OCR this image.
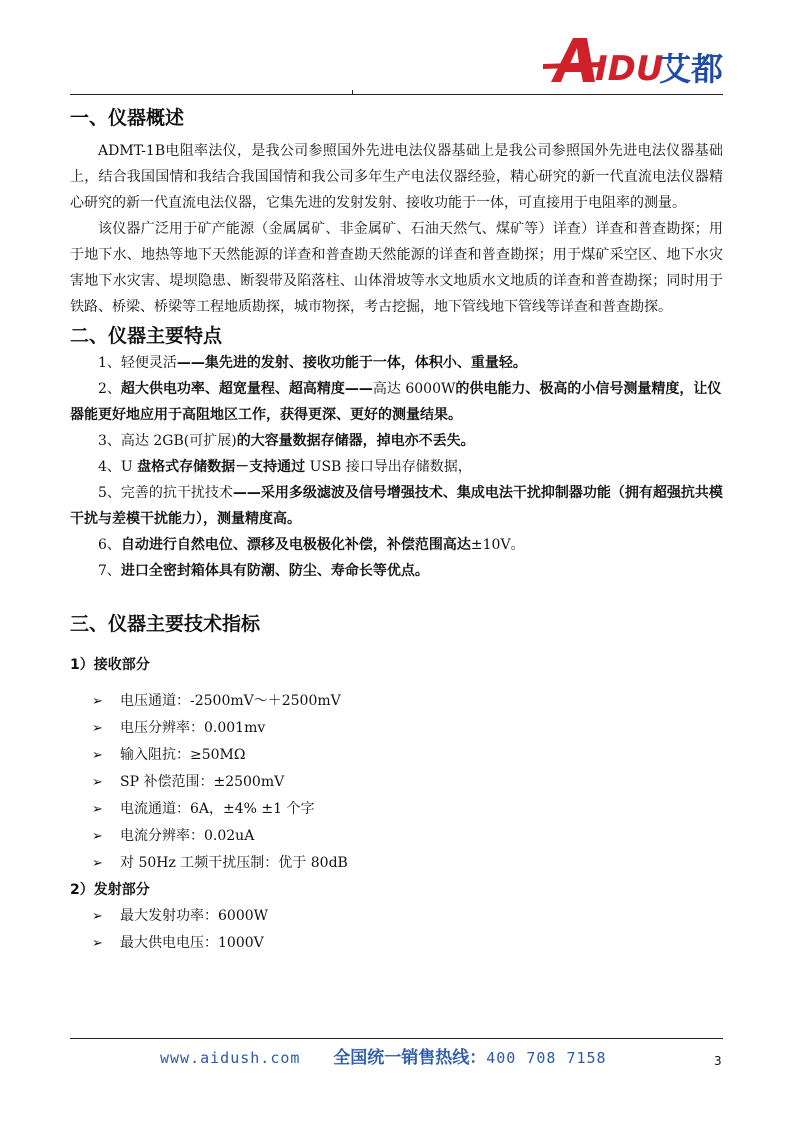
IDU
艾都
一、仪器概述

ADMT-1B电阻率法仪，是我公司参照国外先进电法仪器基础上是我公司参照国外先进电法仪器基础上，结合我国国情和我结合我国国情和我公司多年生产电法仪器经验，精心研究的新一代直流电法仪器精心研究的新一代直流电法仪器，它集先进的发射发射、接收功能于一体，可直接用于电阻率的测量。

该仪器广泛用于矿产能源（金属属矿、非金属矿、石油天然气、煤矿等）详查）详查和普查勘探；用于地下水、地热等地下天然能源的详查和普查勘天然能源的详查和普查勘探；用于煤矿采空区、地下水灾害地下水灾害、堤坝隐患、断裂带及陷落柱、山体滑坡等水文地质水文地质的详查和普查勘探；同时用于铁路、桥梁、桥梁等工程地质勘探，城市物探，考古挖掘，地下管线地下管线等详查和普查勘探。

二、仪器主要特点

1、轻便灵活——集先进的发射、接收功能于一体，体积小、重量轻。

2、超大供电功率、超宽量程、超高精度——高达 6000W的供电能力、极高的小信号测量精度，让仪器能更好地应用于高阻地区工作，获得更深、更好的测量结果。

3、高达 2GB(可扩展)的大容量数据存储器，掉电亦不丢失。

4、U 盘格式存储数据－支持通过 USB 接口导出存储数据，

5、完善的抗干扰技术——采用多级滤波及信号增强技术、集成电法干扰抑制器功能（拥有超强抗共模干扰与差模干扰能力），测量精度高。

6、自动进行自然电位、漂移及电极极化补偿，补偿范围高达±10V。

7、进口全密封箱体具有防潮、防尘、寿命长等优点。

三、仪器主要技术指标

1）接收部分

➢ 电压通道：-2500mV～＋2500mV
➢ 电压分辨率：0.001mv
➢ 输入阻抗：≥50MΩ
➢ SP 补偿范围：±2500mV
➢ 电流通道：6A，±4% ±1 个字
➢ 电流分辨率：0.02uA
➢ 对 50Hz 工频干扰压制：优于 80dB

2）发射部分

➢ 最大发射功率：6000W
➢ 最大供电电压：1000V
www.aidush.com 全国统一销售热线：400 708 7158	3
